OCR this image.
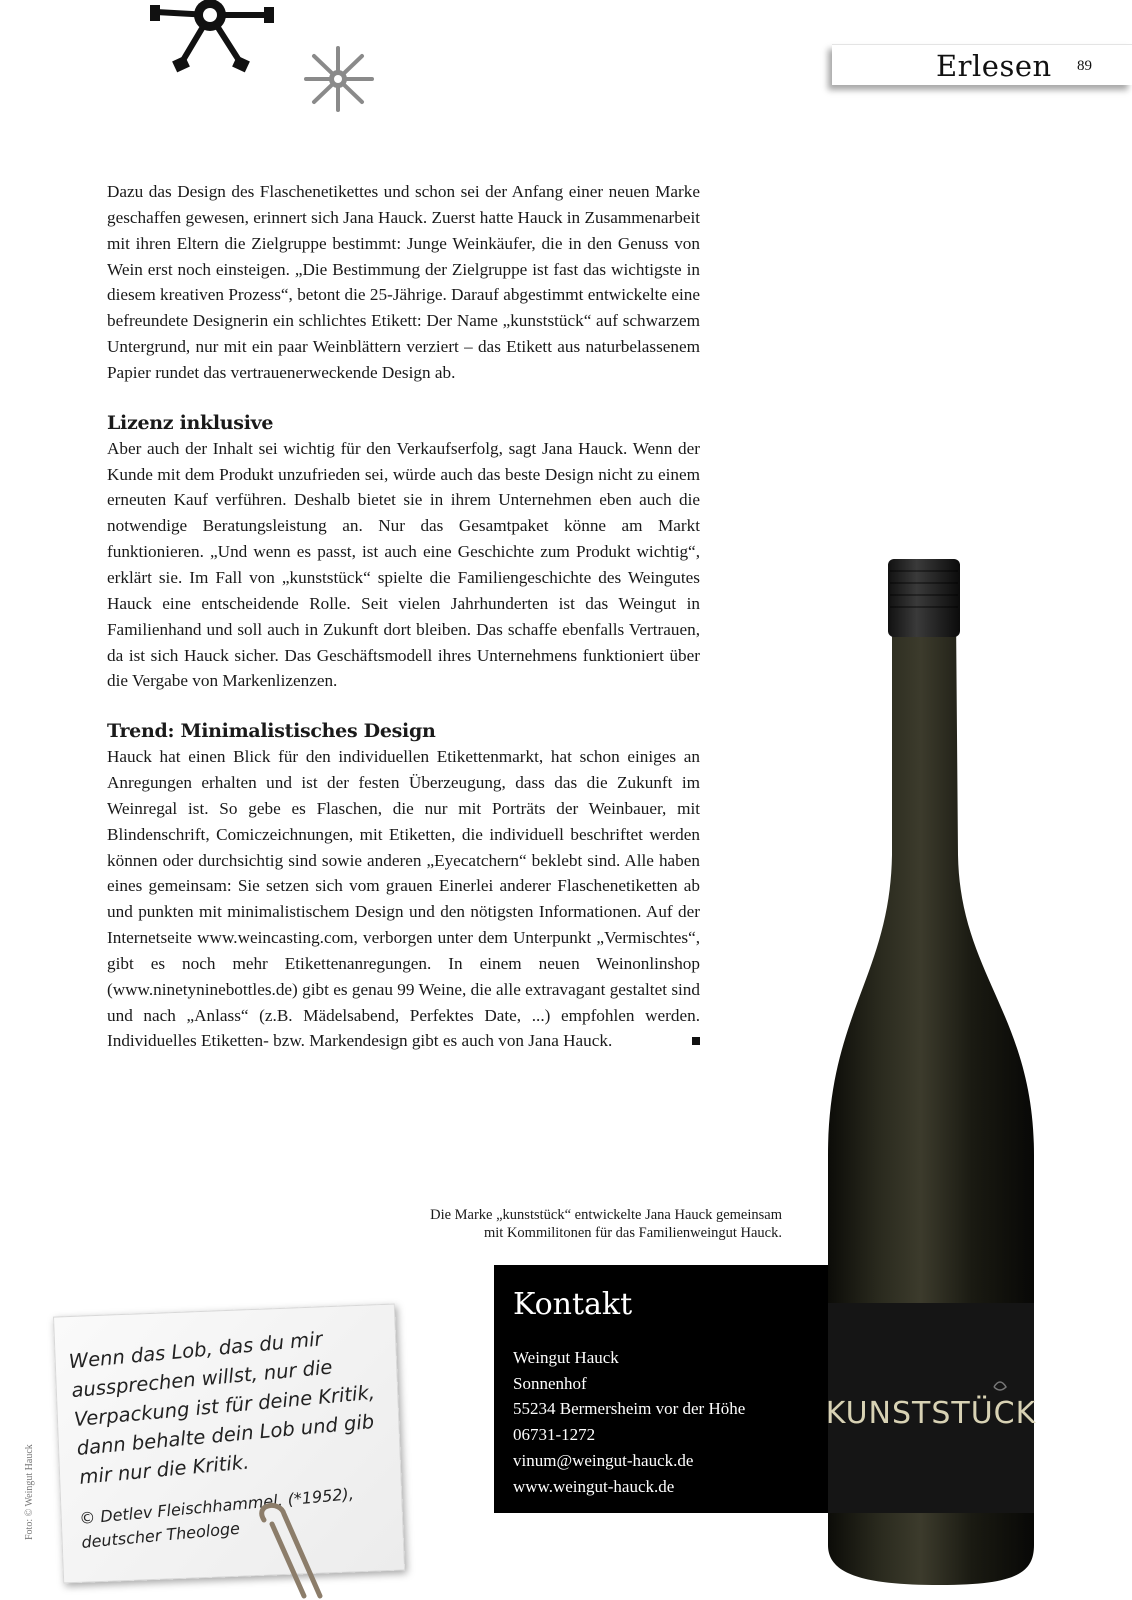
Erlesen 89

Dazu das Design des Flaschenetikettes und schon sei der Anfang einer neuen Marke geschaffen gewesen, erinnert sich Jana Hauck. Zuerst hatte Hauck in Zusammenarbeit mit ihren Eltern die Zielgruppe bestimmt: Junge Weinkäufer, die in den Genuss von Wein erst noch einsteigen. „Die Bestimmung der Zielgruppe ist fast das wichtigste in diesem kreativen Prozess“, betont die 25-Jährige. Darauf abgestimmt entwickelte eine befreundete Designerin ein schlichtes Etikett: Der Name „kunststück“ auf schwarzem Untergrund, nur mit ein paar Weinblättern verziert – das Etikett aus naturbelassenem Papier rundet das vertrauenerweckende Design ab.

Lizenz inklusive

Aber auch der Inhalt sei wichtig für den Verkaufserfolg, sagt Jana Hauck. Wenn der Kunde mit dem Produkt unzufrieden sei, würde auch das beste Design nicht zu einem erneuten Kauf verführen. Deshalb bietet sie in ihrem Unternehmen eben auch die notwendige Beratungsleistung an. Nur das Gesamtpaket könne am Markt funktionieren. „Und wenn es passt, ist auch eine Geschichte zum Produkt wichtig“, erklärt sie. Im Fall von „kunststück“ spielte die Familiengeschichte des Weingutes Hauck eine entscheidende Rolle. Seit vielen Jahrhunderten ist das Weingut in Familienhand und soll auch in Zukunft dort bleiben. Das schaffe ebenfalls Vertrauen, da ist sich Hauck sicher. Das Geschäftsmodell ihres Unternehmens funktioniert über die Vergabe von Markenlizenzen.

Trend: Minimalistisches Design

Hauck hat einen Blick für den individuellen Etikettenmarkt, hat schon einiges an Anregungen erhalten und ist der festen Überzeugung, dass das die Zukunft im Weinregal ist. So gebe es Flaschen, die nur mit Porträts der Weinbauer, mit Blindenschrift, Comiczeichnungen, mit Etiketten, die individuell beschriftet werden können oder durchsichtig sind sowie anderen „Eyecatchern“ beklebt sind. Alle haben eines gemeinsam: Sie setzen sich vom grauen Einerlei anderer Flaschenetiketten ab und punkten mit minimalistischem Design und den nötigsten Informationen. Auf der Internetseite www.weincasting.com, verborgen unter dem Unterpunkt „Vermischtes“, gibt es noch mehr Etikettenanregungen. In einem neuen Weinonlinshop (www.ninetyninebottles.de) gibt es genau 99 Weine, die alle extravagant gestaltet sind und nach „Anlass“ (z.B. Mädelsabend, Perfektes Date, ...) empfohlen werden. Individuelles Etiketten- bzw. Markendesign gibt es auch von Jana Hauck.

Die Marke „kunststück“ entwickelte Jana Hauck gemeinsam
mit Kommilitonen für das Familienweingut Hauck.
Kontakt
Weingut Hauck
Sonnenhof
55234 Bermersheim vor der Höhe
06731-1272
vinum@weingut-hauck.de
www.weingut-hauck.de
KUNSTSTÜCK
Wenn das Lob, das du mir aussprechen willst, nur die Verpackung ist für deine Kritik, dann behalte dein Lob und gib mir nur die Kritik.
© Detlev Fleischhammel, (*1952),
deutscher Theologe
Foto: © Weingut Hauck
